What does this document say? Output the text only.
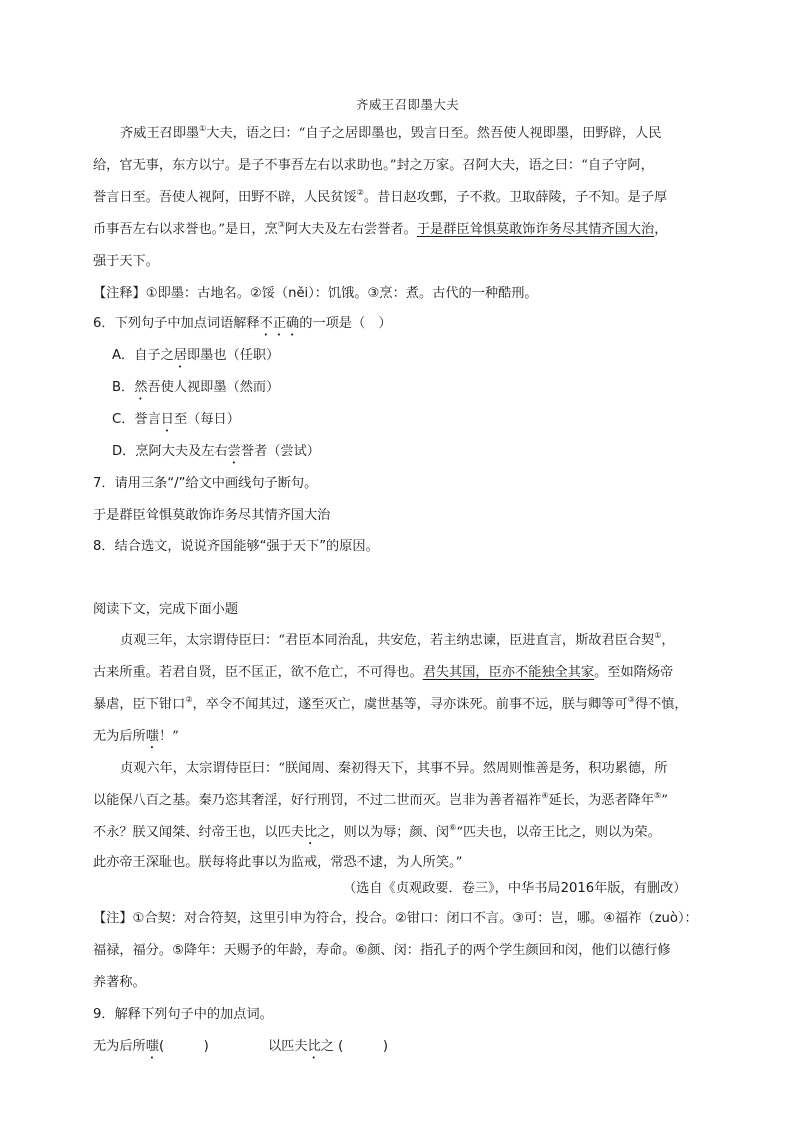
齐威王召即墨大夫
齐威王召即墨①大夫，语之曰：“自子之居即墨也，毁言日至。然吾使人视即墨，田野辟，人民
给，官无事，东方以宁。是子不事吾左右以求助也。”封之万家。召阿大夫，语之曰：“自子守阿，
誉言日至。吾使人视阿，田野不辟，人民贫馁②。昔日赵攻鄄，子不救。卫取薛陵，子不知。是子厚
币事吾左右以求誉也。”是日，烹③阿大夫及左右尝誉者。于是群臣耸惧莫敢饰诈务尽其情齐国大治，
强于天下。
【注释】①即墨：古地名。②馁（něi）：饥饿。③烹：煮。古代的一种酷刑。
6．下列句子中加点词语解释不正确的一项是（　）
A．自子之居即墨也（任职）
B．然吾使人视即墨（然而）
C．誉言日至（每日）
D．烹阿大夫及左右尝誉者（尝试）
7．请用三条“/”给文中画线句子断句。
于是群臣耸惧莫敢饰诈务尽其情齐国大治
8．结合选文，说说齐国能够“强于天下”的原因。
阅读下文，完成下面小题
贞观三年，太宗谓侍臣曰：“君臣本同治乱，共安危，若主纳忠谏，臣进直言，斯故君臣合契①，
古来所重。若君自贤，臣不匡正，欲不危亡，不可得也。君失其国，臣亦不能独全其家。至如隋炀帝
暴虐，臣下钳口②，卒令不闻其过，遂至灭亡，虞世基等，寻亦诛死。前事不远，朕与卿等可③得不慎，
无为后所嗤！”
贞观六年，太宗谓侍臣曰：“朕闻周、秦初得天下，其事不异。然周则惟善是务，积功累德，所
以能保八百之基。秦乃恣其奢淫，好行刑罚，不过二世而灭。岂非为善者福祚④延长，为恶者降年⑤”
不永？朕又闻桀、纣帝王也，以匹夫比之，则以为辱；颜、闵⑥“匹夫也，以帝王比之，则以为荣。
此亦帝王深耻也。朕每将此事以为监戒，常恐不逮，为人所笑。”
（选自《贞观政要．卷三》，中华书局2016年版，有删改）
【注】①合契：对合符契，这里引申为符合，投合。②钳口：闭口不言。③可：岂，哪。④福祚（zuò）：
福禄，福分。⑤降年：天赐予的年龄，寿命。⑥颜、闵：指孔子的两个学生颜回和闵，他们以德行修
养著称。
9．解释下列句子中的加点词。
无为后所嗤(　　　)	以匹夫比之 (　　　)
